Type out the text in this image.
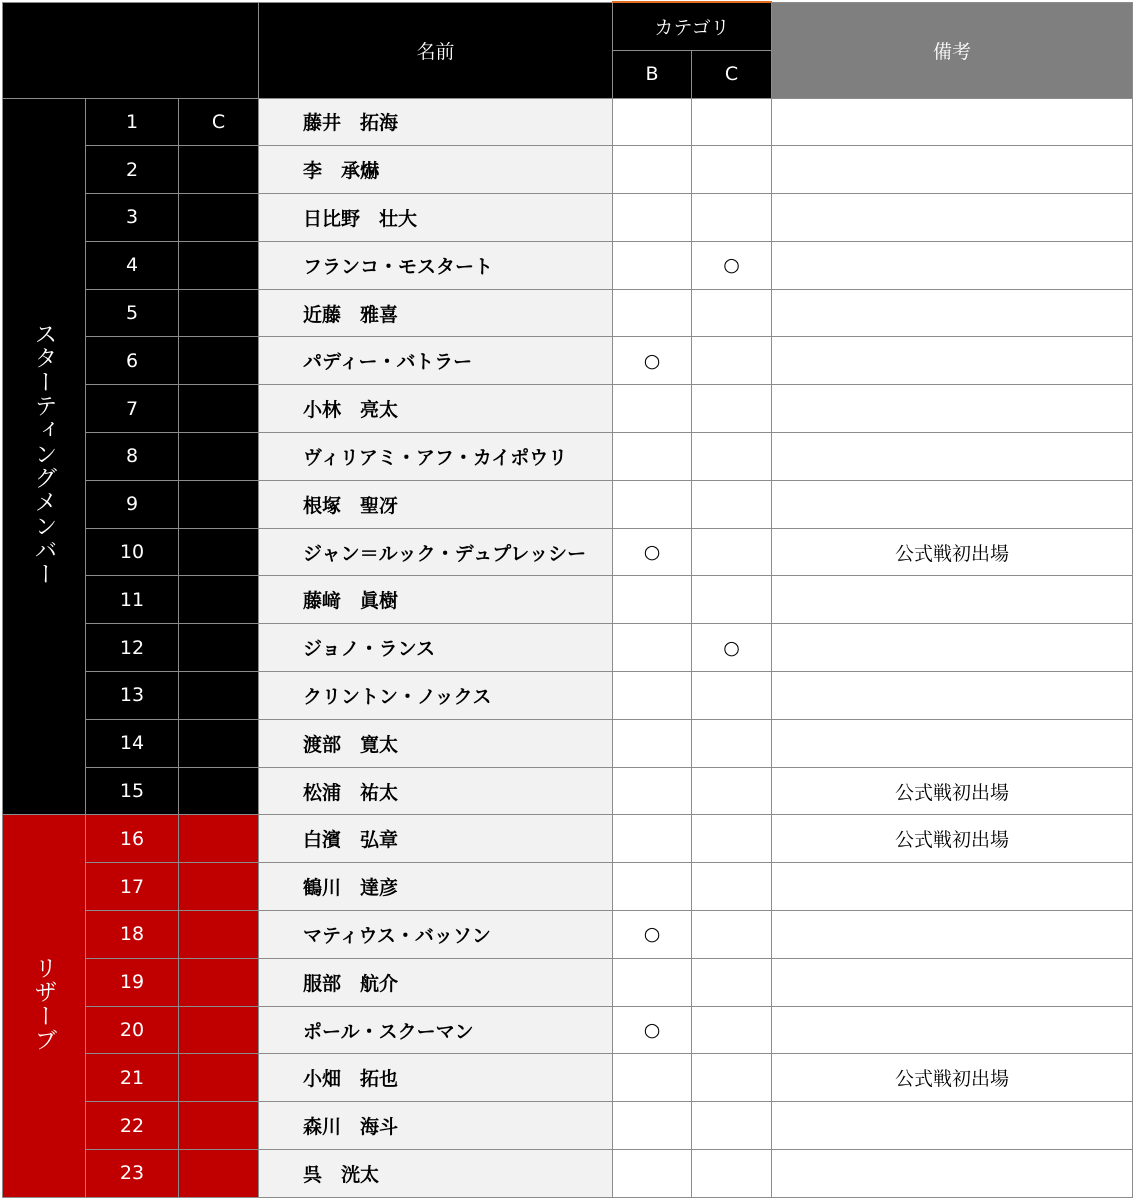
			名前	カテゴリ		備考
				B	C	
スターティングメンバー	1	C	藤井　拓海			
	2		李　承爀			
	3		日比野　壮大			
	4		フランコ・モスタート		○	
	5		近藤　雅喜			
	6		パディー・バトラー	○		
	7		小林　亮太			
	8		ヴィリアミ・アフ・カイポウリ			
	9		根塚　聖冴			
	10		ジャン＝ルック・デュプレッシー	○		公式戦初出場
	11		藤﨑　眞樹			
	12		ジョノ・ランス		○	
	13		クリントン・ノックス			
	14		渡部　寛太			
	15		松浦　祐太			公式戦初出場
リザーブ	16		白濱　弘章			公式戦初出場
	17		鶴川　達彦			
	18		マティウス・バッソン	○		
	19		服部　航介			
	20		ポール・スクーマン	○		
	21		小畑　拓也			公式戦初出場
	22		森川　海斗			
	23		呉　洸太			
